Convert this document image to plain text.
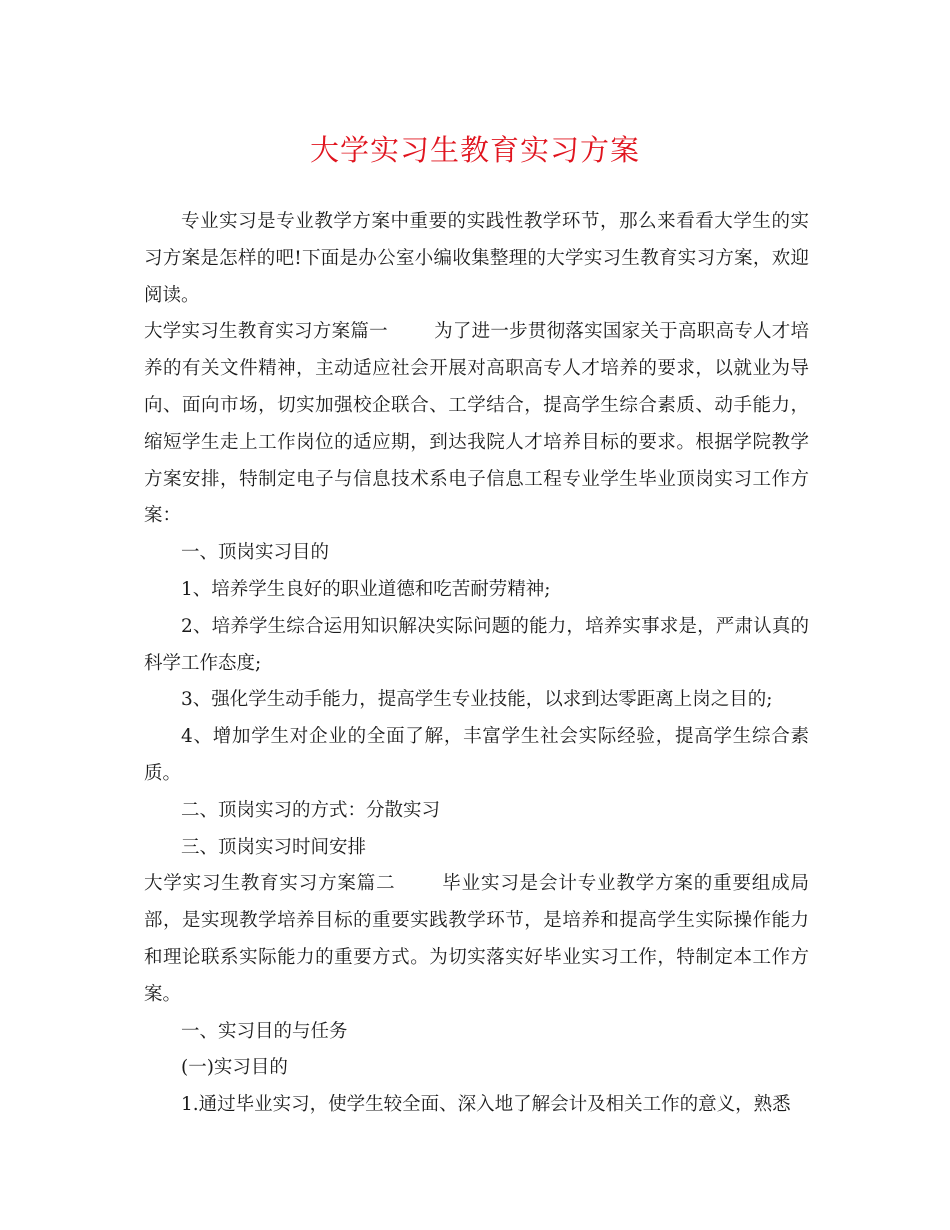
大学实习生教育实习方案

专业实习是专业教学方案中重要的实践性教学环节，那么来看看大学生的实习方案是怎样的吧!下面是办公室小编收集整理的大学实习生教育实习方案，欢迎阅读。

大学实习生教育实习方案篇一 为了进一步贯彻落实国家关于高职高专人才培养的有关文件精神，主动适应社会开展对高职高专人才培养的要求，以就业为导向、面向市场，切实加强校企联合、工学结合，提高学生综合素质、动手能力，缩短学生走上工作岗位的适应期，到达我院人才培养目标的要求。根据学院教学方案安排，特制定电子与信息技术系电子信息工程专业学生毕业顶岗实习工作方案：

一、顶岗实习目的

1、培养学生良好的职业道德和吃苦耐劳精神;

2、培养学生综合运用知识解决实际问题的能力，培养实事求是，严肃认真的科学工作态度;

3、强化学生动手能力，提高学生专业技能，以求到达零距离上岗之目的;

4、增加学生对企业的全面了解，丰富学生社会实际经验，提高学生综合素质。

二、顶岗实习的方式：分散实习

三、顶岗实习时间安排

大学实习生教育实习方案篇二 毕业实习是会计专业教学方案的重要组成局部，是实现教学培养目标的重要实践教学环节，是培养和提高学生实际操作能力和理论联系实际能力的重要方式。为切实落实好毕业实习工作，特制定本工作方案。

一、实习目的与任务

(一)实习目的

1.通过毕业实习，使学生较全面、深入地了解会计及相关工作的意义，熟悉
